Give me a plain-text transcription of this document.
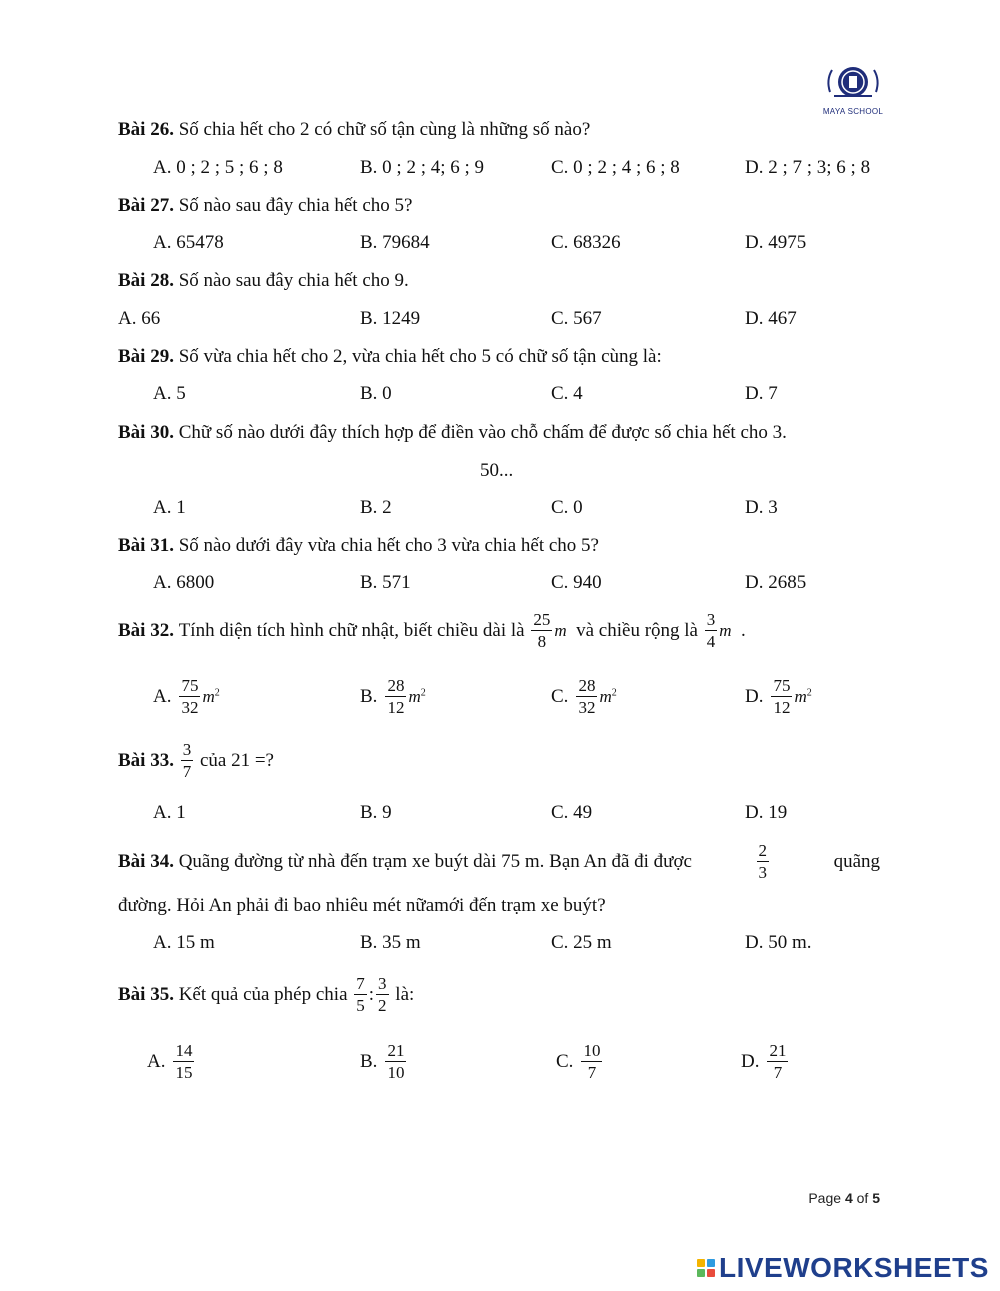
MAYA SCHOOL
Bài 26. Số chia hết cho 2 có chữ số tận cùng là những số nào?
A. 0 ; 2 ; 5 ; 6 ; 8	B. 0 ; 2 ; 4; 6 ; 9	C. 0 ; 2 ; 4 ; 6 ; 8	D. 2 ; 7 ; 3; 6 ; 8
Bài 27. Số nào sau đây chia hết cho 5?
A. 65478	B. 79684	C. 68326	D. 4975
Bài 28. Số nào sau đây chia hết cho 9.
A. 66	B. 1249	C. 567	D. 467
Bài 29. Số vừa chia hết cho 2, vừa chia hết cho 5 có chữ số tận cùng là:
A. 5	B. 0	C. 4	D. 7
Bài 30. Chữ số nào dưới đây thích hợp để điền vào chỗ chấm để được số chia hết cho 3.
50...
A. 1	B. 2	C. 0	D. 3
Bài 31. Số nào dưới đây vừa chia hết cho 3 vừa chia hết cho 5?
A. 6800	B. 571	C. 940	D. 2685
Bài 32.
Tính diện tích hình chữ nhật, biết chiều dài là
$\frac{25}{8}$ m
và chiều rộng là
$\frac{3}{4}$ m
.
A. $\frac{75}{32} m^2$	B. $\frac{28}{12} m^2$	C. $\frac{28}{32} m^2$	D. $\frac{75}{12} m^2$
Bài 33.
$\frac{3}{7}$
của 21 =?
A. 1	B. 9	C. 49	D. 19
Bài 34.
Quãng đường từ nhà đến trạm xe buýt dài 75 m. Bạn An đã đi được	$\frac{2}{3}$	quãng
đường. Hỏi An phải đi bao nhiêu mét nữamới đến trạm xe buýt?
A. 15 m	B. 35 m	C. 25 m	D. 50 m.
Bài 35.
Kết quả của phép chia
$\frac{7}{5}$ : $\frac{3}{2}$
là:
A. $\frac{14}{15}$	B. $\frac{21}{10}$	C. $\frac{10}{7}$	D. $\frac{21}{7}$
Page 4 of 5
LIVEWORKSHEETS
